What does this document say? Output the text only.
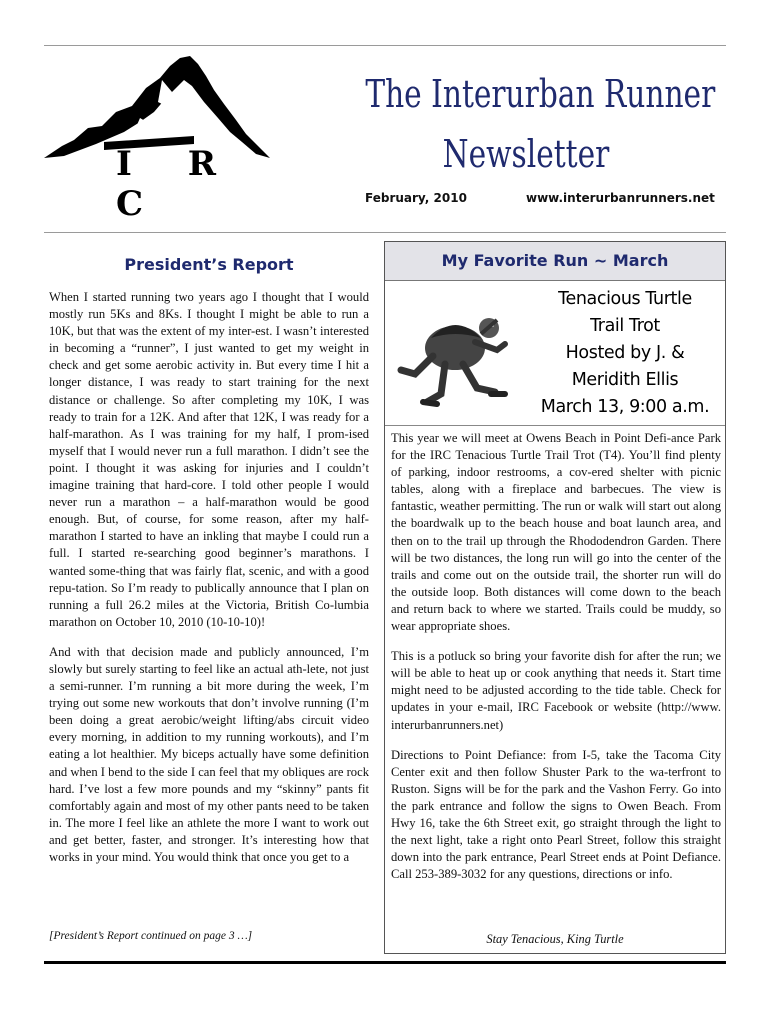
I R C
The Interurban Runner
Newsletter
February, 2010	www.interurbanrunners.net
President’s Report

When I started running two years ago I thought that I would mostly run 5Ks and 8Ks. I thought I might be able to run a 10K, but that was the extent of my inter-est. I wasn’t interested in becoming a “runner”, I just wanted to get my weight in check and get some aerobic activity in. But every time I hit a longer distance, I was ready to start training for the next distance or challenge. So after completing my 10K, I was ready to train for a 12K. And after that 12K, I was ready for a half-marathon. As I was training for my half, I prom-ised myself that I would never run a full marathon. I didn’t see the point. I thought it was asking for injuries and I couldn’t imagine training that hard-core. I told other people I would never run a marathon – a half-marathon would be good enough. But, of course, for some reason, after my half-marathon I started to have an inkling that maybe I could run a full. I started re-searching good beginner’s marathons. I wanted some-thing that was fairly flat, scenic, and with a good repu-tation. So I’m ready to publically announce that I plan on running a full 26.2 miles at the Victoria, British Co-lumbia marathon on October 10, 2010 (10-10-10)!

And with that decision made and publicly announced, I’m slowly but surely starting to feel like an actual ath-lete, not just a semi-runner. I’m running a bit more during the week, I’m trying out some new workouts that don’t involve running (I’m been doing a great aerobic/weight lifting/abs circuit video every morning, in addition to my running workouts), and I’m eating a lot healthier. My biceps actually have some definition and when I bend to the side I can feel that my obliques are rock hard. I’ve lost a few more pounds and my “skinny” pants fit comfortably again and most of my other pants need to be taken in. The more I feel like an athlete the more I want to work out and get better, faster, and stronger. It’s interesting how that works in your mind. You would think that once you get to a

[President’s Report continued on page 3 …]
My Favorite Run ~ March
Tenacious Turtle
Trail Trot
Hosted by J. &
Meridith Ellis
March 13, 9:00 a.m.

This year we will meet at Owens Beach in Point Defi-ance Park for the IRC Tenacious Turtle Trail Trot (T4). You’ll find plenty of parking, indoor restrooms, a cov-ered shelter with picnic tables, along with a fireplace and barbecues. The view is fantastic, weather permitting. The run or walk will start out along the boardwalk up to the beach house and boat launch area, and then on to the trail up through the Rhododendron Garden. There will be two distances, the long run will go into the center of the trails and come out on the outside trail, the shorter run will do the outside loop. Both distances will come down to the beach and return back to where we started. Trails could be muddy, so wear appropriate shoes.

This is a potluck so bring your favorite dish for after the run; we will be able to heat up or cook anything that needs it. Start time might need to be adjusted according to the tide table. Check for updates in your e-mail, IRC Facebook or website (http://www. interurbanrunners.net)

Directions to Point Defiance: from I-5, take the Tacoma City Center exit and then follow Shuster Park to the wa-terfront to Ruston. Signs will be for the park and the Vashon Ferry. Go into the park entrance and follow the signs to Owen Beach. From Hwy 16, take the 6th Street exit, go straight through the light to the next light, take a right onto Pearl Street, follow this straight down into the park entrance, Pearl Street ends at Point Defiance. Call 253-389-3032 for any questions, directions or info.

Stay Tenacious, King Turtle
